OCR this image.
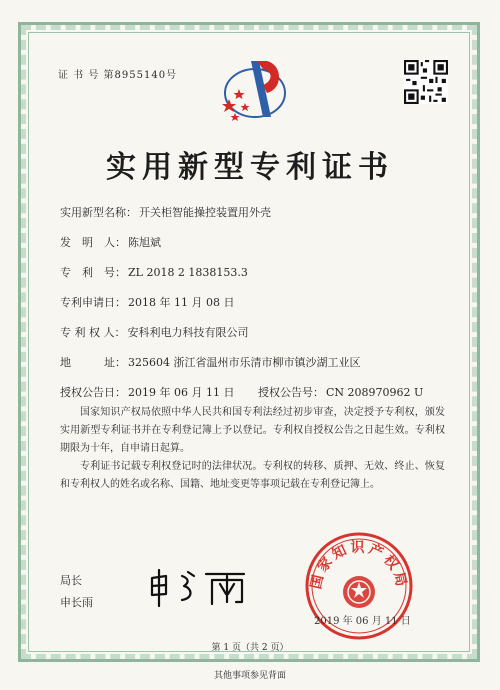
证 书 号 第8955140号
实用新型专利证书
实用新型名称： 开关柜智能操控装置用外壳
发　明　人： 陈旭斌
专　利　号： ZL 2018 2 1838153.3
专利申请日： 2018 年 11 月 08 日
专 利 权 人： 安科利电力科技有限公司
地　　　址： 325604 浙江省温州市乐清市柳市镇沙湖工业区
授权公告日： 2019 年 06 月 11 日 授权公告号： CN 208970962 U
国家知识产权局依照中华人民共和国专利法经过初步审查，决定授予专利权，颁发实用新型专利证书并在专利登记簿上予以登记。专利权自授权公告之日起生效。专利权期限为十年，自申请日起算。
专利证书记载专利权登记时的法律状况。专利权的转移、质押、无效、终止、恢复和专利权人的姓名或名称、国籍、地址变更等事项记载在专利登记簿上。
局长
申长雨
国家知识产权局
2019 年 06 月 11 日
第 1 页（共 2 页）
其他事项参见背面
